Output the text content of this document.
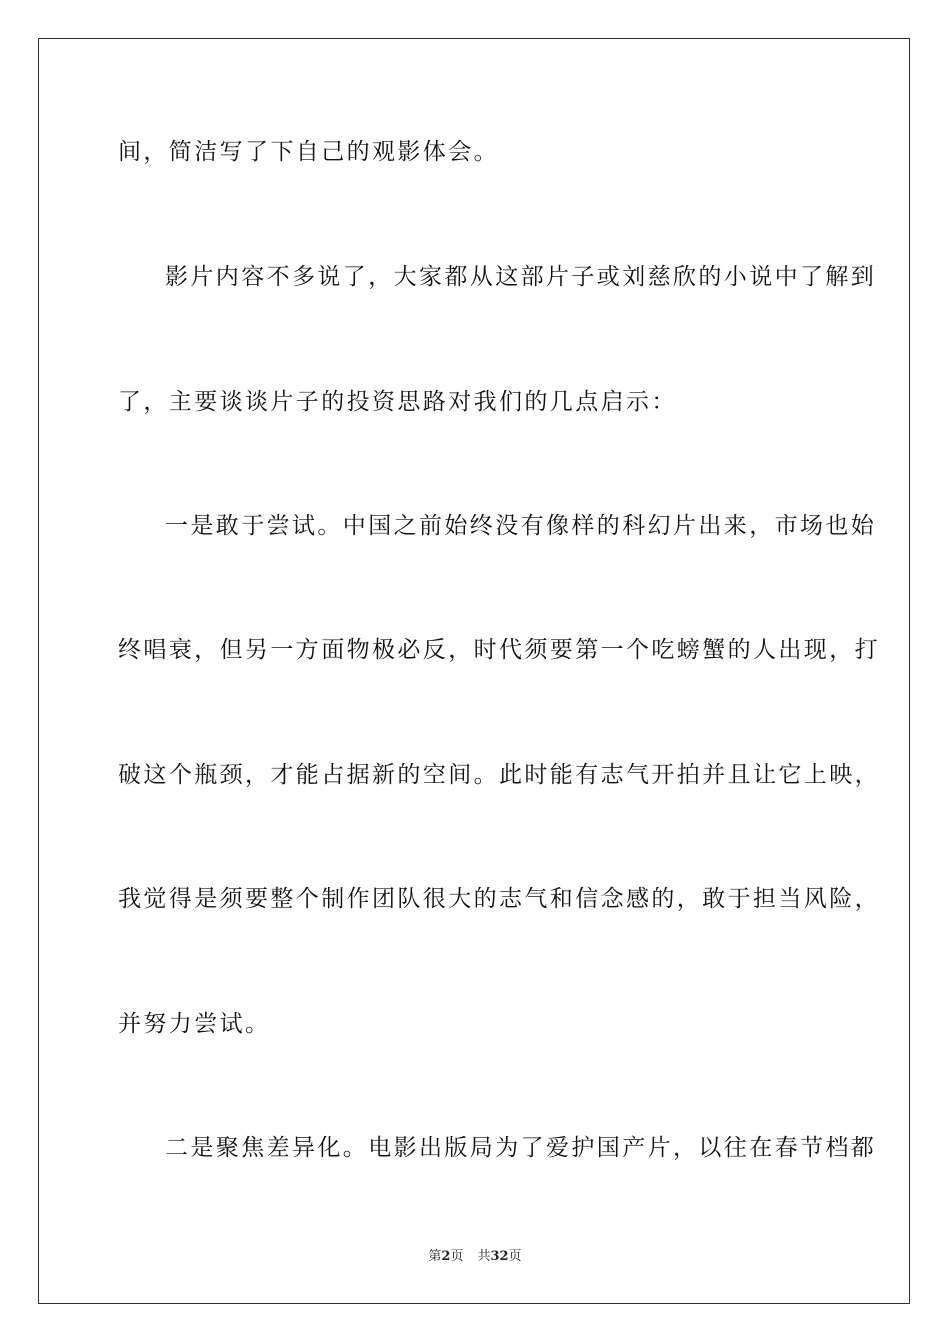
间，简洁写了下自己的观影体会。
影片内容不多说了，大家都从这部片子或刘慈欣的小说中了解到
了，主要谈谈片子的投资思路对我们的几点启示：
一是敢于尝试。中国之前始终没有像样的科幻片出来，市场也始
终唱衰，但另一方面物极必反，时代须要第一个吃螃蟹的人出现，打
破这个瓶颈，才能占据新的空间。此时能有志气开拍并且让它上映，
我觉得是须要整个制作团队很大的志气和信念感的，敢于担当风险，
并努力尝试。
二是聚焦差异化。电影出版局为了爱护国产片，以往在春节档都
第2页 共32页
